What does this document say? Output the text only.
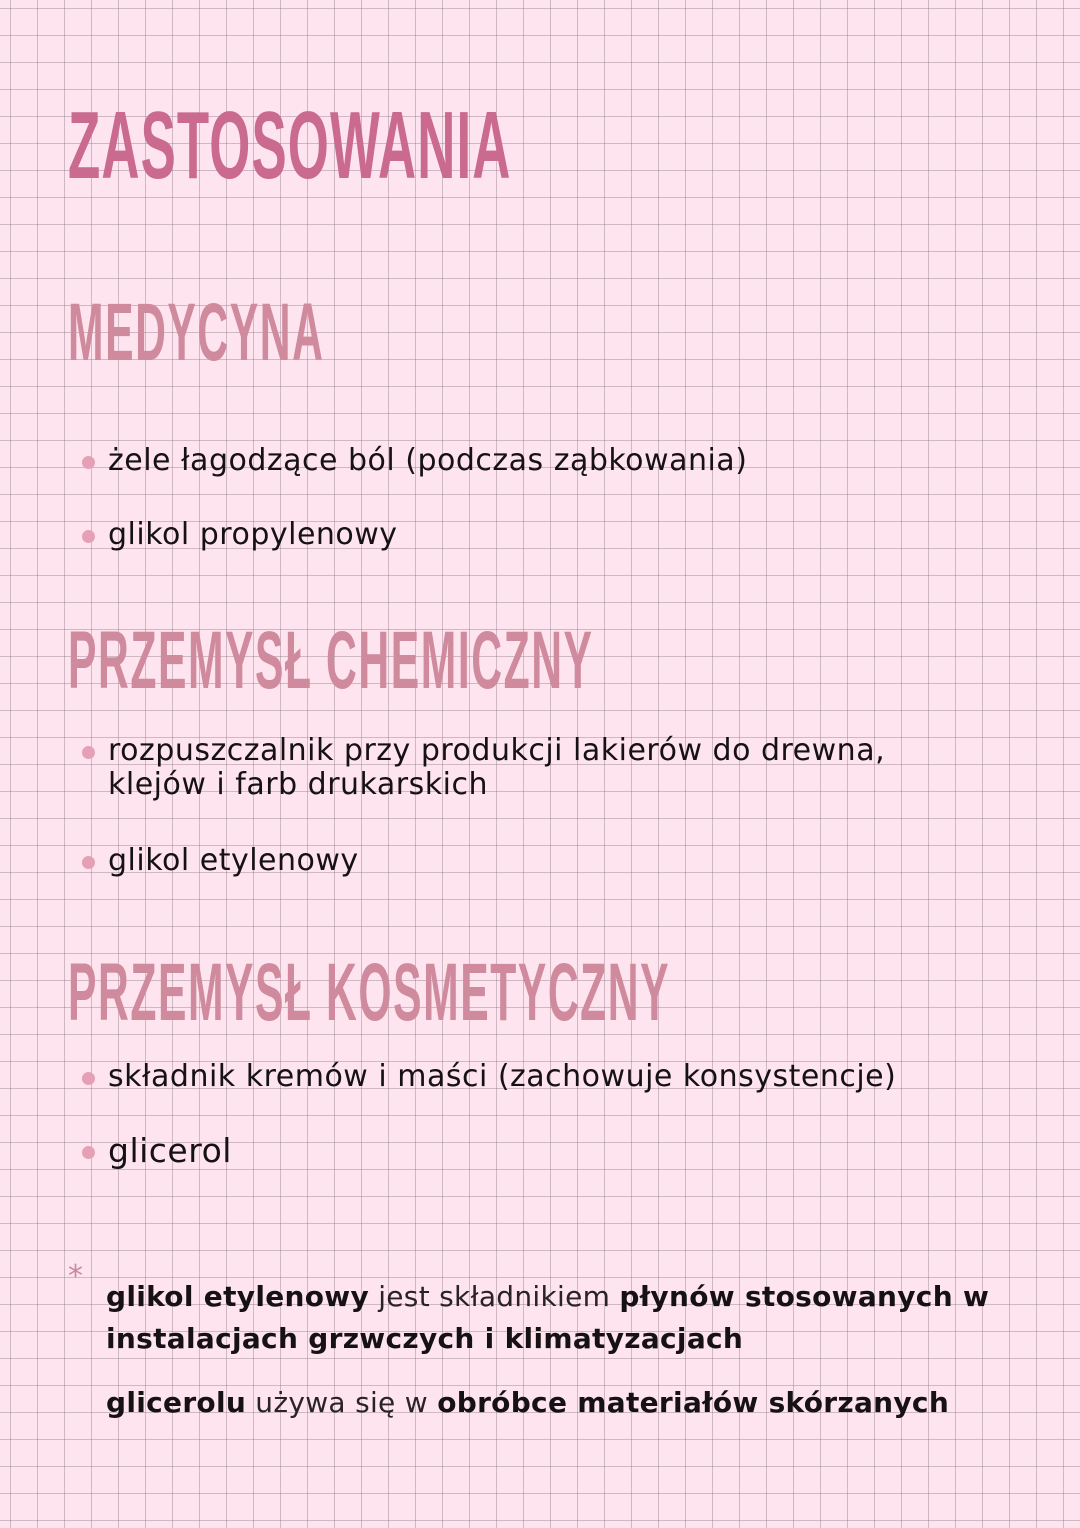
ZASTOSOWANIA
MEDYCYNA
żele łagodzące ból (podczas ząbkowania)
glikol propylenowy
PRZEMYSŁ CHEMICZNY
rozpuszczalnik przy produkcji lakierów do drewna,
klejów i farb drukarskich
glikol etylenowy
PRZEMYSŁ KOSMETYCZNY
składnik kremów i maści (zachowuje konsystencje)
glicerol
*
glikol etylenowy jest składnikiem płynów stosowanych w
instalacjach grzwczych i klimatyzacjach
glicerolu używa się w obróbce materiałów skórzanych
